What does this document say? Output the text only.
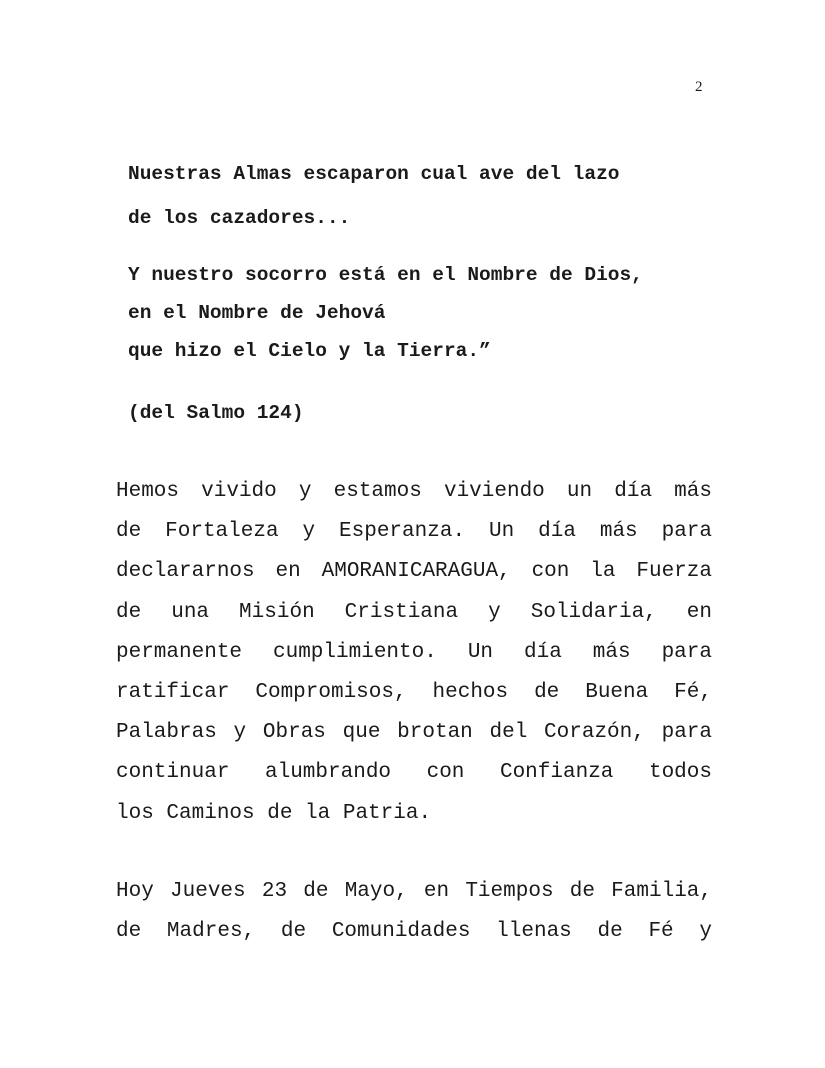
2
Nuestras Almas escaparon cual ave del lazo
de los cazadores...
Y nuestro socorro está en el Nombre de Dios,
en el Nombre de Jehová
que hizo el Cielo y la Tierra.”
(del Salmo 124)
Hemos vivido y estamos viviendo un día más
de Fortaleza y Esperanza. Un día más para
declararnos en AMORANICARAGUA, con la Fuerza
de una Misión Cristiana y Solidaria, en
permanente cumplimiento. Un día más para
ratificar Compromisos, hechos de Buena Fé,
Palabras y Obras que brotan del Corazón, para
continuar alumbrando con Confianza todos
los Caminos de la Patria.
Hoy Jueves 23 de Mayo, en Tiempos de Familia,
de Madres, de Comunidades llenas de Fé y
